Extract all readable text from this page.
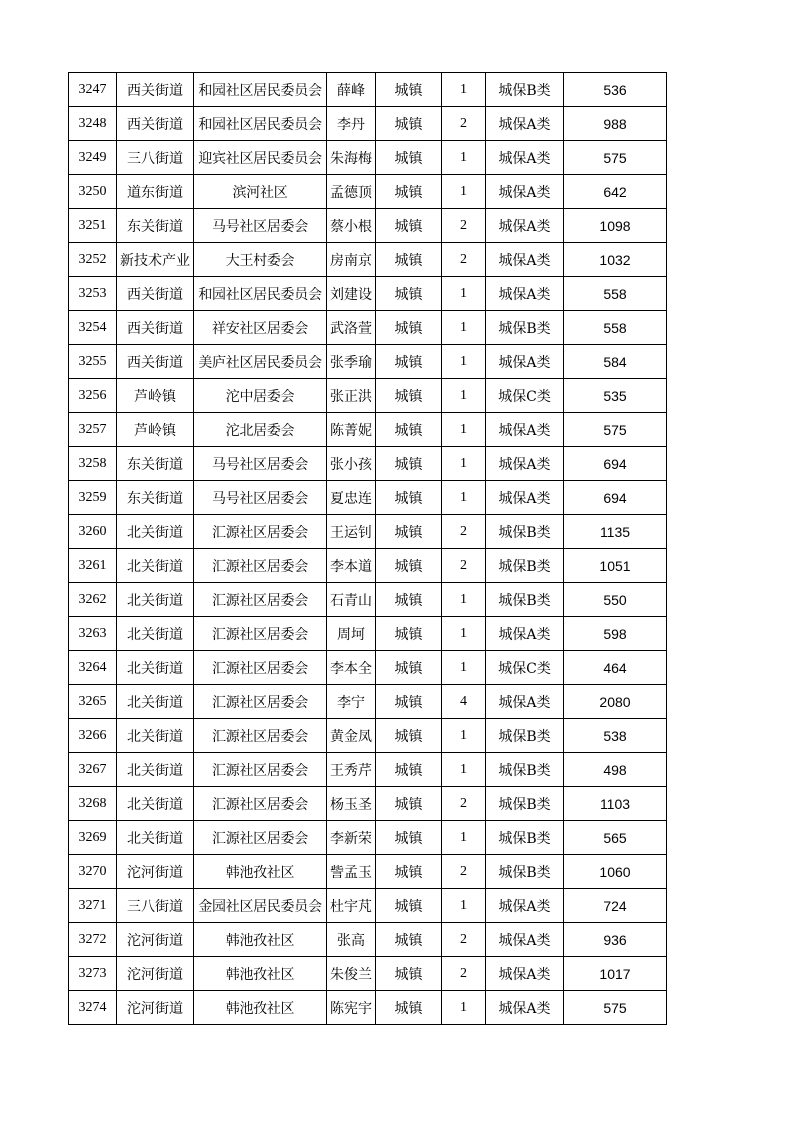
3247	西关街道	和园社区居民委员会	薛峰	城镇	1	城保B类	536
3248	西关街道	和园社区居民委员会	李丹	城镇	2	城保A类	988
3249	三八街道	迎宾社区居民委员会	朱海梅	城镇	1	城保A类	575
3250	道东街道	滨河社区	孟德顶	城镇	1	城保A类	642
3251	东关街道	马号社区居委会	蔡小根	城镇	2	城保A类	1098
3252	新技术产业	大王村委会	房南京	城镇	2	城保A类	1032
3253	西关街道	和园社区居民委员会	刘建设	城镇	1	城保A类	558
3254	西关街道	祥安社区居委会	武洛萱	城镇	1	城保B类	558
3255	西关街道	美庐社区居民委员会	张季瑜	城镇	1	城保A类	584
3256	芦岭镇	沱中居委会	张正洪	城镇	1	城保C类	535
3257	芦岭镇	沱北居委会	陈菁妮	城镇	1	城保A类	575
3258	东关街道	马号社区居委会	张小孩	城镇	1	城保A类	694
3259	东关街道	马号社区居委会	夏忠连	城镇	1	城保A类	694
3260	北关街道	汇源社区居委会	王运钊	城镇	2	城保B类	1135
3261	北关街道	汇源社区居委会	李本道	城镇	2	城保B类	1051
3262	北关街道	汇源社区居委会	石青山	城镇	1	城保B类	550
3263	北关街道	汇源社区居委会	周坷	城镇	1	城保A类	598
3264	北关街道	汇源社区居委会	李本全	城镇	1	城保C类	464
3265	北关街道	汇源社区居委会	李宁	城镇	4	城保A类	2080
3266	北关街道	汇源社区居委会	黄金凤	城镇	1	城保B类	538
3267	北关街道	汇源社区居委会	王秀芹	城镇	1	城保B类	498
3268	北关街道	汇源社区居委会	杨玉圣	城镇	2	城保B类	1103
3269	北关街道	汇源社区居委会	李新荣	城镇	1	城保B类	565
3270	沱河街道	韩池孜社区	訾孟玉	城镇	2	城保B类	1060
3271	三八街道	金园社区居民委员会	杜宇芃	城镇	1	城保A类	724
3272	沱河街道	韩池孜社区	张高	城镇	2	城保A类	936
3273	沱河街道	韩池孜社区	朱俊兰	城镇	2	城保A类	1017
3274	沱河街道	韩池孜社区	陈宪宇	城镇	1	城保A类	575
